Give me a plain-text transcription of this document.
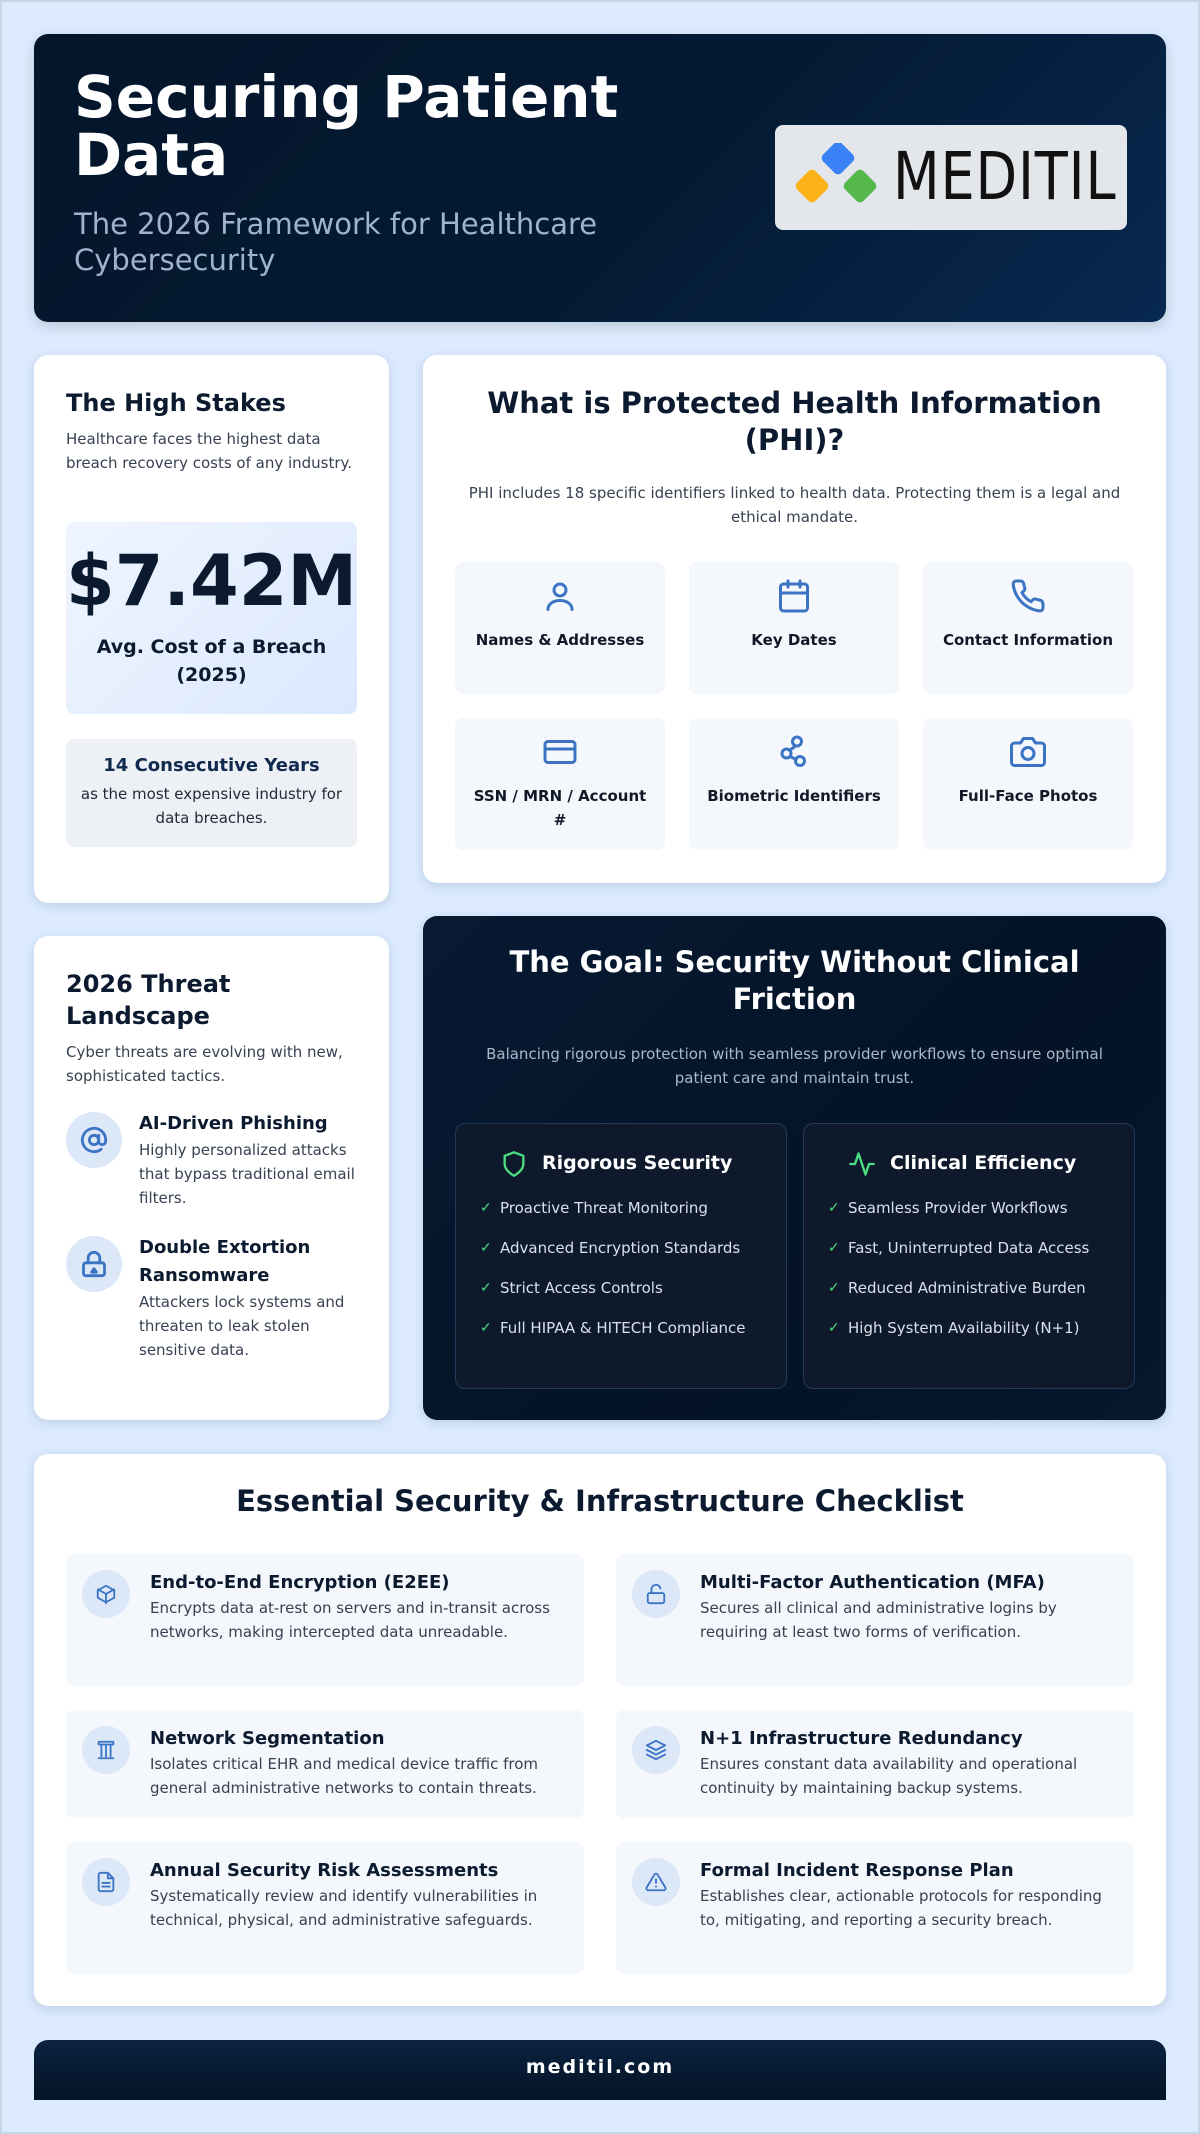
Securing Patient Data
The 2026 Framework for Healthcare Cybersecurity
MEDITIL
The High Stakes
Healthcare faces the highest data breach recovery costs of any industry.
$7.42M
Avg. Cost of a Breach (2025)
14 Consecutive Years
as the most expensive industry for data breaches.
What is Protected Health Information (PHI)?
PHI includes 18 specific identifiers linked to health data. Protecting them is a legal and ethical mandate.
Names & Addresses	Key Dates	Contact Information
SSN / MRN / Account #
Biometric Identifiers	Full-Face Photos
2026 Threat Landscape
Cyber threats are evolving with new, sophisticated tactics.
AI-Driven Phishing
Highly personalized attacks that bypass traditional email filters.
Double Extortion Ransomware
Attackers lock systems and threaten to leak stolen sensitive data.
The Goal: Security Without Clinical Friction
Balancing rigorous protection with seamless provider workflows to ensure optimal patient care and maintain trust.
Rigorous Security
✓ Proactive Threat Monitoring
✓ Advanced Encryption Standards
✓ Strict Access Controls
✓ Full HIPAA & HITECH Compliance
Clinical Efficiency
✓ Seamless Provider Workflows
✓ Fast, Uninterrupted Data Access
✓ Reduced Administrative Burden
✓ High System Availability (N+1)
Essential Security & Infrastructure Checklist
End-to-End Encryption (E2EE)
Encrypts data at-rest on servers and in-transit across networks, making intercepted data unreadable.
Multi-Factor Authentication (MFA)
Secures all clinical and administrative logins by requiring at least two forms of verification.
Network Segmentation
Isolates critical EHR and medical device traffic from general administrative networks to contain threats.
N+1 Infrastructure Redundancy
Ensures constant data availability and operational continuity by maintaining backup systems.
Annual Security Risk Assessments
Systematically review and identify vulnerabilities in technical, physical, and administrative safeguards.
Formal Incident Response Plan
Establishes clear, actionable protocols for responding to, mitigating, and reporting a security breach.
meditil.com
